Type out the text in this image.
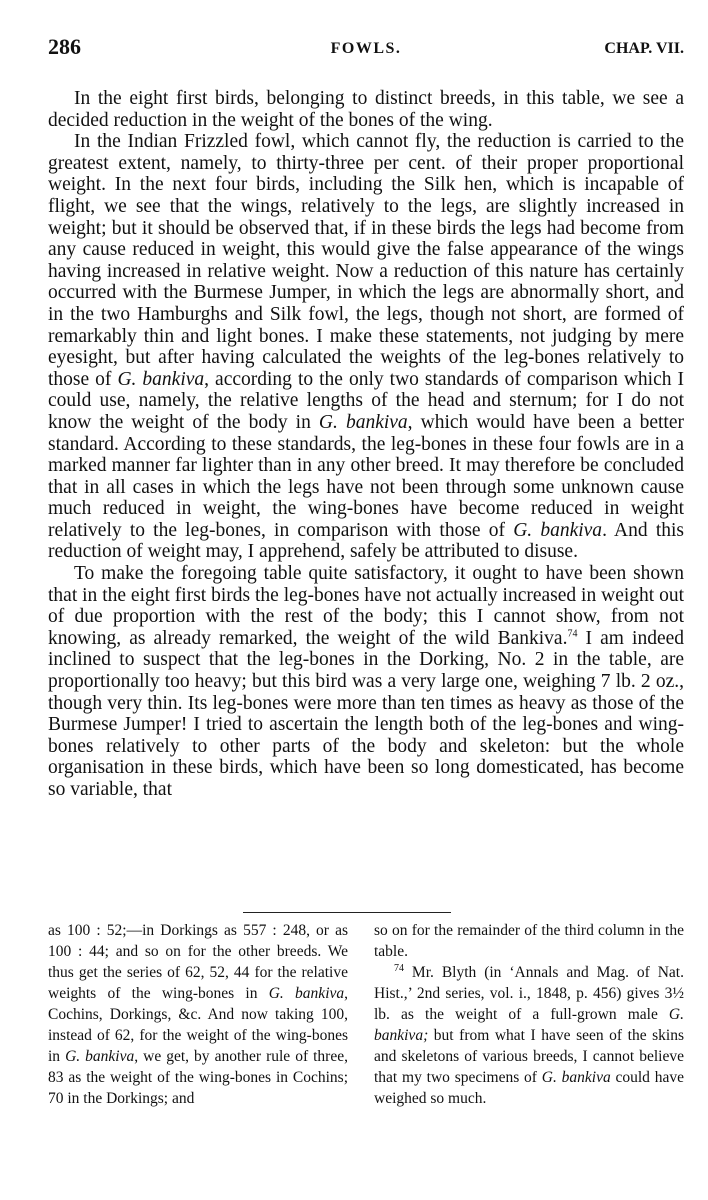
286	FOWLS.	CHAP. VII.

In the eight first birds, belonging to distinct breeds, in this table, we see a decided reduction in the weight of the bones of the wing.

In the Indian Frizzled fowl, which cannot fly, the reduction is carried to the greatest extent, namely, to thirty-three per cent. of their proper proportional weight. In the next four birds, including the Silk hen, which is incapable of flight, we see that the wings, relatively to the legs, are slightly increased in weight; but it should be observed that, if in these birds the legs had become from any cause reduced in weight, this would give the false appearance of the wings having increased in relative weight. Now a reduction of this nature has certainly occurred with the Burmese Jumper, in which the legs are abnormally short, and in the two Hamburghs and Silk fowl, the legs, though not short, are formed of remarkably thin and light bones. I make these statements, not judging by mere eyesight, but after having calculated the weights of the leg-bones relatively to those of G. bankiva, according to the only two standards of comparison which I could use, namely, the relative lengths of the head and sternum; for I do not know the weight of the body in G. bankiva, which would have been a better standard. According to these standards, the leg-bones in these four fowls are in a marked manner far lighter than in any other breed. It may therefore be concluded that in all cases in which the legs have not been through some unknown cause much reduced in weight, the wing-bones have become reduced in weight relatively to the leg-bones, in comparison with those of G. bankiva. And this reduction of weight may, I apprehend, safely be attributed to disuse.

To make the foregoing table quite satisfactory, it ought to have been shown that in the eight first birds the leg-bones have not actually increased in weight out of due proportion with the rest of the body; this I cannot show, from not knowing, as already remarked, the weight of the wild Bankiva.$^{74}$ I am indeed inclined to suspect that the leg-bones in the Dorking, No. 2 in the table, are proportionally too heavy; but this bird was a very large one, weighing 7 lb. 2 oz., though very thin. Its leg-bones were more than ten times as heavy as those of the Burmese Jumper! I tried to ascertain the length both of the leg-bones and wing-bones relatively to other parts of the body and skeleton: but the whole organisation in these birds, which have been so long domesticated, has become so variable, that

as 100 : 52;—in Dorkings as 557 : 248, or as 100 : 44; and so on for the other breeds. We thus get the series of 62, 52, 44 for the relative weights of the wing-bones in G. bankiva, Cochins, Dorkings, &c. And now taking 100, instead of 62, for the weight of the wing-bones in G. bankiva, we get, by another rule of three, 83 as the weight of the wing-bones in Cochins; 70 in the Dorkings; and

so on for the remainder of the third column in the table.

$^{74}$ Mr. Blyth (in ‘Annals and Mag. of Nat. Hist.,’ 2nd series, vol. i., 1848, p. 456) gives 3½ lb. as the weight of a full-grown male G. bankiva; but from what I have seen of the skins and skeletons of various breeds, I cannot believe that my two specimens of G. bankiva could have weighed so much.
